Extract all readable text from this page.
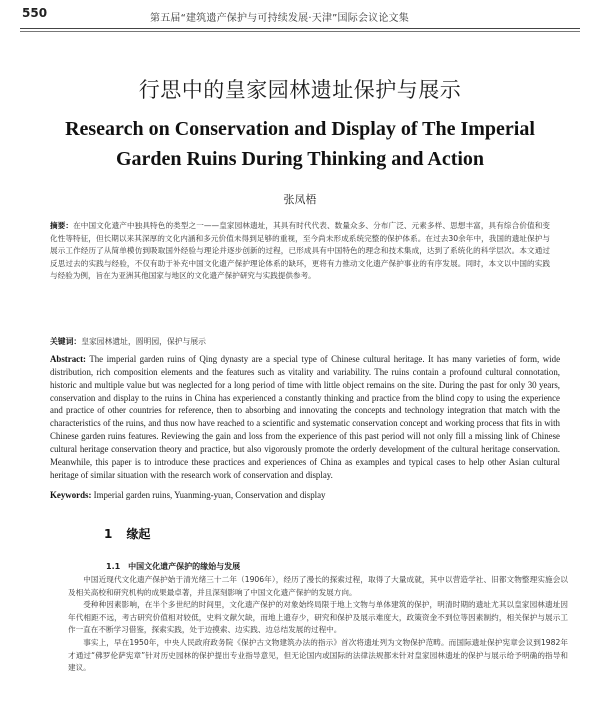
550	第五届“建筑遗产保护与可持续发展·天津”国际会议论文集
行思中的皇家园林遗址保护与展示
Research on Conservation and Display of The Imperial
Garden Ruins During Thinking and Action
张凤梧

摘要：在中国文化遗产中独具特色的类型之一——皇家园林遗址，其具有时代代表、数量众多、分布广泛、元素多样、思想丰富，具有综合价值和变化性等特征，但长期以来其深厚的文化内涵和多元价值未得到足够的重视，至今尚未形成系统完整的保护体系。在过去30余年中，我国的遗址保护与展示工作经历了从简单模仿到吸取国外经验与理论并逐步创新的过程，已形成具有中国特色的理念和技术集成，达到了系统化的科学层次。本文通过反思过去的实践与经验，不仅有助于补充中国文化遗产保护理论体系的缺环，更将有力推动文化遗产保护事业的有序发展。同时，本文以中国的实践与经验为例，旨在为亚洲其他国家与地区的文化遗产保护研究与实践提供参考。

关键词：皇家园林遗址，圆明园，保护与展示

Abstract: The imperial garden ruins of Qing dynasty are a special type of Chinese cultural heritage. It has many varieties of form, wide distribution, rich composition elements and the features such as vitality and variability. The ruins contain a profound cultural connotation, historic and multiple value but was neglected for a long period of time with little object remains on the site. During the past for only 30 years, conservation and display to the ruins in China has experienced a constantly thinking and practice from the blind copy to using the experience and practice of other countries for reference, then to absorbing and innovating the concepts and technology integration that match with the characteristics of the ruins, and thus now have reached to a scientific and systematic conservation concept and working process that fits in with Chinese garden ruins features. Reviewing the gain and loss from the experience of this past period will not only fill a missing link of Chinese cultural heritage conservation theory and practice, but also vigorously promote the orderly development of the cultural heritage conservation. Meanwhile, this paper is to introduce these practices and experiences of China as examples and typical cases to help other Asian cultural heritage of similar situation with the research work of conservation and display.

Keywords: Imperial garden ruins, Yuanming-yuan, Conservation and display

1 缘起
1.1 中国文化遗产保护的缘始与发展

中国近现代文化遗产保护始于清光绪三十二年（1906年），经历了漫长的探索过程，取得了大量成就，其中以营造学社、旧都文物整理实施会以及相关高校和研究机构的成果最卓著，并且深刻影响了中国文化遗产保护的发展方向。

受种种因素影响，在半个多世纪的时间里，文化遗产保护的对象始终局限于地上文物与单体建筑的保护，明清时期的遗址尤其以皇家园林遗址因年代相距不远，考古研究价值相对较低，史料文献欠缺，而地上遗存少，研究和保护及展示难度大，政策资金不到位等因素制约，相关保护与展示工作一直在不断学习借鉴，探索实践，处于边摸索、边实践、边总结发展的过程中。

事实上，早在1950年，中央人民政府政务院《保护古文物建筑办法的指示》首次将遗址列为文物保护范畴。而国际遗址保护宪章会议到1982年才通过“佛罗伦萨宪章”针对历史园林的保护提出专业指导意见，但无论国内或国际的法律法规都未针对皇家园林遗址的保护与展示给予明确的指导和建议。
